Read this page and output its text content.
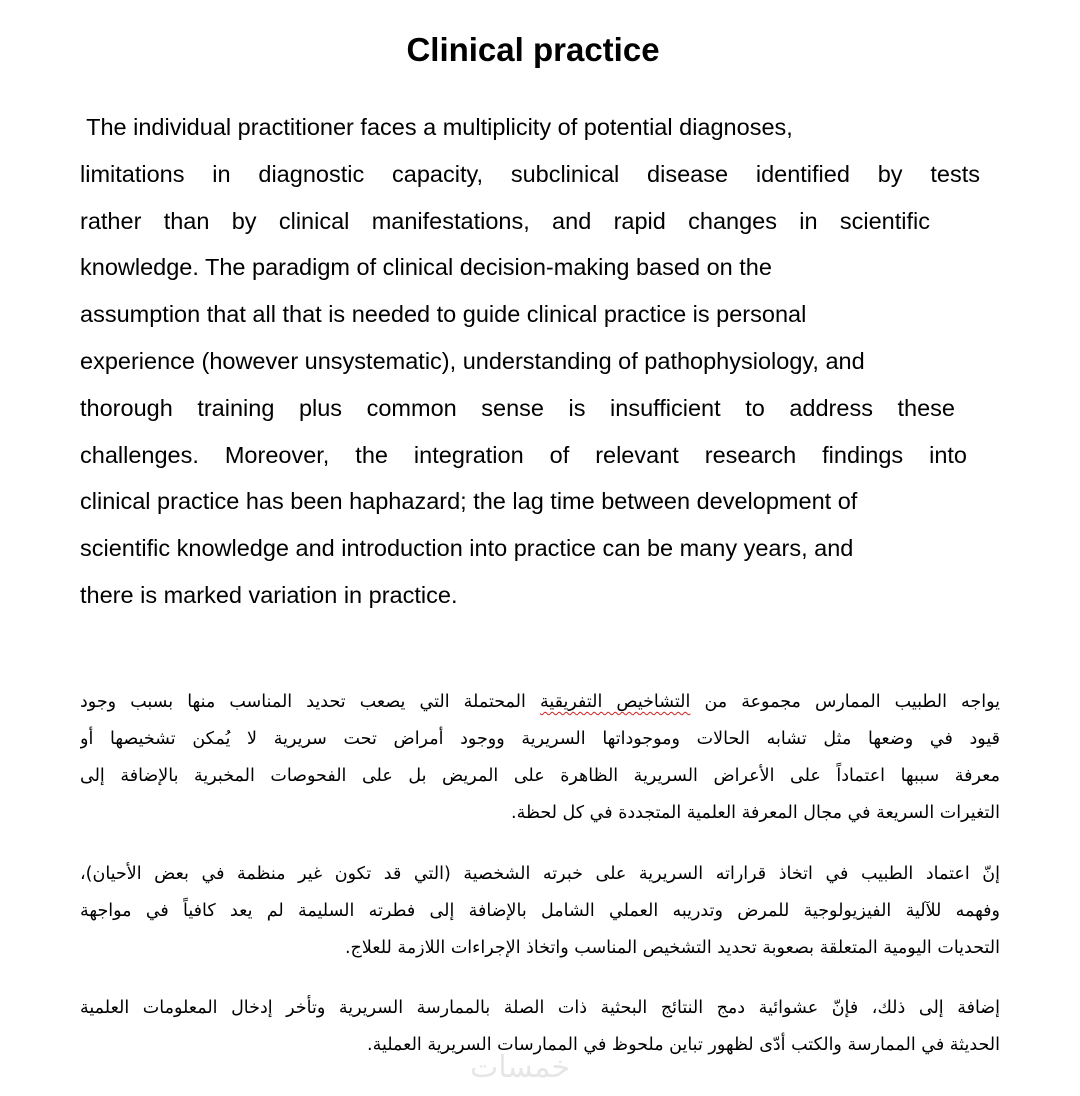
Clinical practice
The individual practitioner faces a multiplicity of potential diagnoses,
limitations in diagnostic capacity, subclinical disease identified by tests
rather than by clinical manifestations, and rapid changes in scientific
knowledge. The paradigm of clinical decision-making based on the
assumption that all that is needed to guide clinical practice is personal
experience (however unsystematic), understanding of pathophysiology, and
thorough training plus common sense is insufficient to address these
challenges. Moreover, the integration of relevant research findings into
clinical practice has been haphazard; the lag time between development of
scientific knowledge and introduction into practice can be many years, and
there is marked variation in practice.
يواجه الطبيب الممارس مجموعة من التشاخيص التفريقية المحتملة التي يصعب تحديد المناسب منها بسبب وجود
قيود في وضعها مثل تشابه الحالات وموجوداتها السريرية ووجود أمراض تحت سريرية لا يُمكن تشخيصها أو
معرفة سببها اعتماداً على الأعراض السريرية الظاهرة على المريض بل على الفحوصات المخبرية بالإضافة إلى
التغيرات السريعة في مجال المعرفة العلمية المتجددة في كل لحظة.
إنّ اعتماد الطبيب في اتخاذ قراراته السريرية على خبرته الشخصية (التي قد تكون غير منظمة في بعض الأحيان)،
وفهمه للآلية الفيزيولوجية للمرض وتدريبه العملي الشامل بالإضافة إلى فطرته السليمة لم يعد كافياً في مواجهة
التحديات اليومية المتعلقة بصعوبة تحديد التشخيص المناسب واتخاذ الإجراءات اللازمة للعلاج.
إضافة إلى ذلك، فإنّ عشوائية دمج النتائج البحثية ذات الصلة بالممارسة السريرية وتأخر إدخال المعلومات العلمية
الحديثة في الممارسة والكتب أدّى لظهور تباين ملحوظ في الممارسات السريرية العملية.
خمسات
